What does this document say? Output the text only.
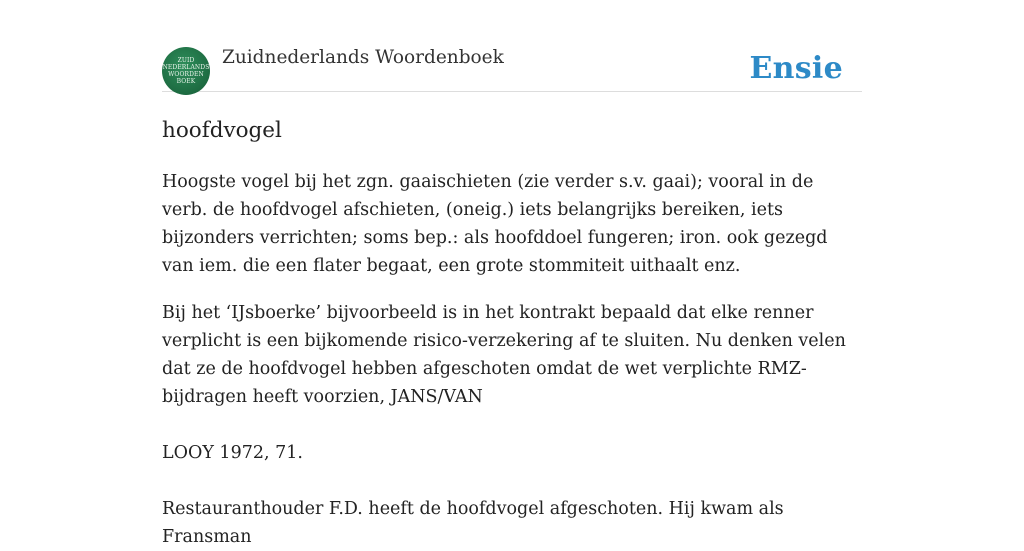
ZUID
NEDERLANDS
WOORDEN
BOEK
Zuidnederlands Woordenboek	Ensie
hoofdvogel

Hoogste vogel bij het zgn. gaaischieten (zie verder s.v. gaai); vooral in de verb. de hoofdvogel afschieten, (oneig.) iets belangrijks bereiken, iets bijzonders verrichten; soms bep.: als hoofddoel fungeren; iron. ook gezegd van iem. die een flater begaat, een grote stommiteit uithaalt enz.

Bij het ‘IJsboerke’ bijvoorbeeld is in het kontrakt bepaald dat elke renner verplicht is een bijkomende risico-verzekering af te sluiten. Nu denken velen dat ze de hoofdvogel hebben afgeschoten omdat de wet verplichte RMZ-bijdragen heeft voorzien, JANS/VAN

LOOY 1972, 71.

Restauranthouder F.D. heeft de hoofdvogel afgeschoten. Hij kwam als Fransman
